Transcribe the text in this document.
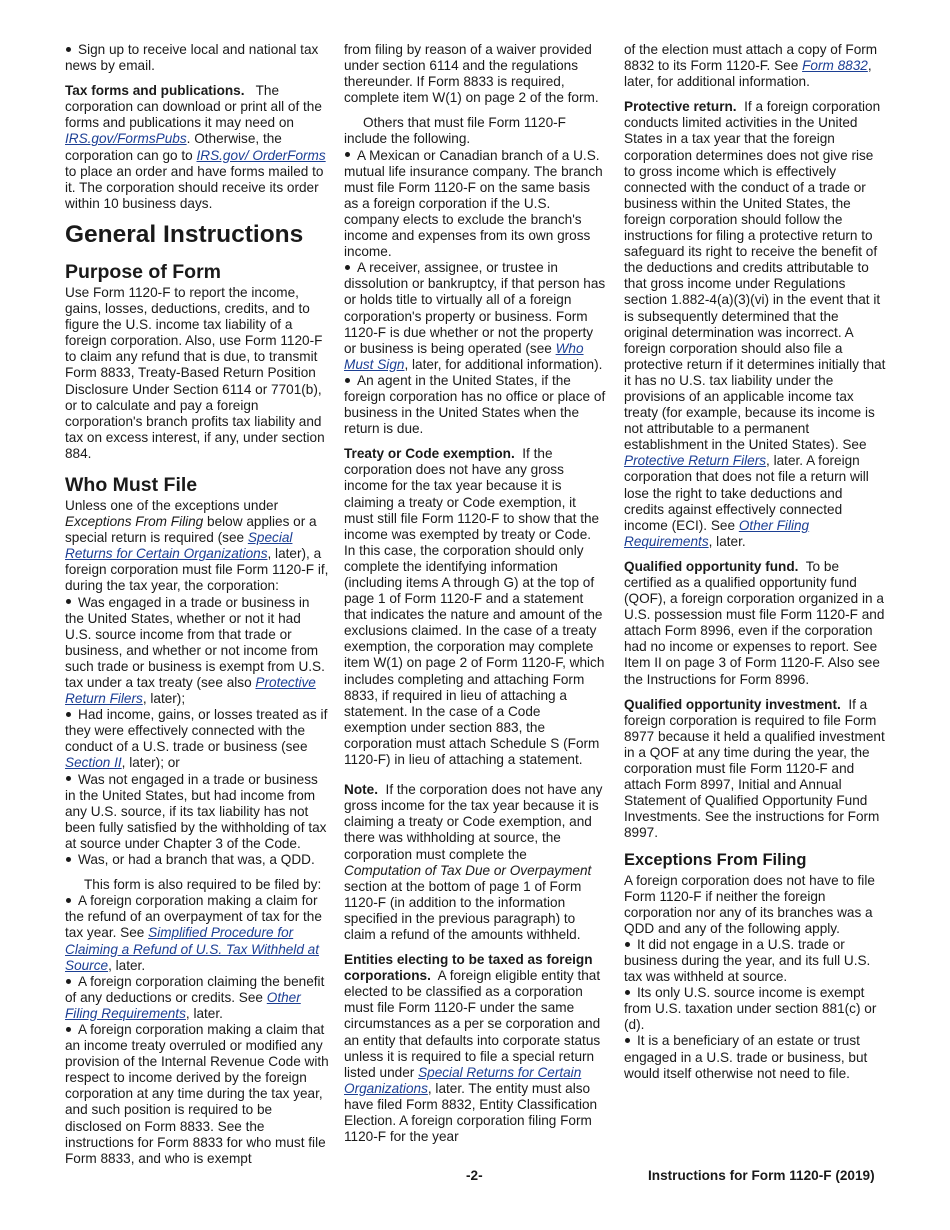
Sign up to receive local and national tax news by email.

Tax forms and publications. The corporation can download or print all of the forms and publications it may need on IRS.gov/FormsPubs. Otherwise, the corporation can go to IRS.gov/ OrderForms to place an order and have forms mailed to it. The corporation should receive its order within 10 business days.

General Instructions
Purpose of Form

Use Form 1120-F to report the income, gains, losses, deductions, credits, and to figure the U.S. income tax liability of a foreign corporation. Also, use Form 1120-F to claim any refund that is due, to transmit Form 8833, Treaty-Based Return Position Disclosure Under Section 6114 or 7701(b), or to calculate and pay a foreign corporation's branch profits tax liability and tax on excess interest, if any, under section 884.

Who Must File

Unless one of the exceptions under Exceptions From Filing below applies or a special return is required (see Special Returns for Certain Organizations, later), a foreign corporation must file Form 1120-F if, during the tax year, the corporation:

Was engaged in a trade or business in the United States, whether or not it had U.S. source income from that trade or business, and whether or not income from such trade or business is exempt from U.S. tax under a tax treaty (see also Protective Return Filers, later);

Had income, gains, or losses treated as if they were effectively connected with the conduct of a U.S. trade or business (see Section II, later); or

Was not engaged in a trade or business in the United States, but had income from any U.S. source, if its tax liability has not been fully satisfied by the withholding of tax at source under Chapter 3 of the Code.

Was, or had a branch that was, a QDD.

This form is also required to be filed by:

A foreign corporation making a claim for the refund of an overpayment of tax for the tax year. See Simplified Procedure for Claiming a Refund of U.S. Tax Withheld at Source, later.

A foreign corporation claiming the benefit of any deductions or credits. See Other Filing Requirements, later.

A foreign corporation making a claim that an income treaty overruled or modified any provision of the Internal Revenue Code with respect to income derived by the foreign corporation at any time during the tax year, and such position is required to be disclosed on Form 8833. See the instructions for Form 8833 for who must file Form 8833, and who is exempt

from filing by reason of a waiver provided under section 6114 and the regulations thereunder. If Form 8833 is required, complete item W(1) on page 2 of the form.

Others that must file Form 1120-F include the following.

A Mexican or Canadian branch of a U.S. mutual life insurance company. The branch must file Form 1120-F on the same basis as a foreign corporation if the U.S. company elects to exclude the branch's income and expenses from its own gross income.

A receiver, assignee, or trustee in dissolution or bankruptcy, if that person has or holds title to virtually all of a foreign corporation's property or business. Form 1120-F is due whether or not the property or business is being operated (see Who Must Sign, later, for additional information).

An agent in the United States, if the foreign corporation has no office or place of business in the United States when the return is due.

Treaty or Code exemption. If the corporation does not have any gross income for the tax year because it is claiming a treaty or Code exemption, it must still file Form 1120-F to show that the income was exempted by treaty or Code. In this case, the corporation should only complete the identifying information (including items A through G) at the top of page 1 of Form 1120-F and a statement that indicates the nature and amount of the exclusions claimed. In the case of a treaty exemption, the corporation may complete item W(1) on page 2 of Form 1120-F, which includes completing and attaching Form 8833, if required in lieu of attaching a statement. In the case of a Code exemption under section 883, the corporation must attach Schedule S (Form 1120-F) in lieu of attaching a statement.

Note. If the corporation does not have any gross income for the tax year because it is claiming a treaty or Code exemption, and there was withholding at source, the corporation must complete the Computation of Tax Due or Overpayment section at the bottom of page 1 of Form 1120-F (in addition to the information specified in the previous paragraph) to claim a refund of the amounts withheld.

Entities electing to be taxed as foreign corporations. A foreign eligible entity that elected to be classified as a corporation must file Form 1120-F under the same circumstances as a per se corporation and an entity that defaults into corporate status unless it is required to file a special return listed under Special Returns for Certain Organizations, later. The entity must also have filed Form 8832, Entity Classification Election. A foreign corporation filing Form 1120-F for the year

of the election must attach a copy of Form 8832 to its Form 1120-F. See Form 8832, later, for additional information.

Protective return. If a foreign corporation conducts limited activities in the United States in a tax year that the foreign corporation determines does not give rise to gross income which is effectively connected with the conduct of a trade or business within the United States, the foreign corporation should follow the instructions for filing a protective return to safeguard its right to receive the benefit of the deductions and credits attributable to that gross income under Regulations section 1.882-4(a)(3)(vi) in the event that it is subsequently determined that the original determination was incorrect. A foreign corporation should also file a protective return if it determines initially that it has no U.S. tax liability under the provisions of an applicable income tax treaty (for example, because its income is not attributable to a permanent establishment in the United States). See Protective Return Filers, later. A foreign corporation that does not file a return will lose the right to take deductions and credits against effectively connected income (ECI). See Other Filing Requirements, later.

Qualified opportunity fund. To be certified as a qualified opportunity fund (QOF), a foreign corporation organized in a U.S. possession must file Form 1120-F and attach Form 8996, even if the corporation had no income or expenses to report. See Item II on page 3 of Form 1120-F. Also see the Instructions for Form 8996.

Qualified opportunity investment. If a foreign corporation is required to file Form 8977 because it held a qualified investment in a QOF at any time during the year, the corporation must file Form 1120-F and attach Form 8997, Initial and Annual Statement of Qualified Opportunity Fund Investments. See the instructions for Form 8997.

Exceptions From Filing

A foreign corporation does not have to file Form 1120-F if neither the foreign corporation nor any of its branches was a QDD and any of the following apply.

It did not engage in a U.S. trade or business during the year, and its full U.S. tax was withheld at source.

Its only U.S. source income is exempt from U.S. taxation under section 881(c) or (d).

It is a beneficiary of an estate or trust engaged in a U.S. trade or business, but would itself otherwise not need to file.

-2-	Instructions for Form 1120-F (2019)
